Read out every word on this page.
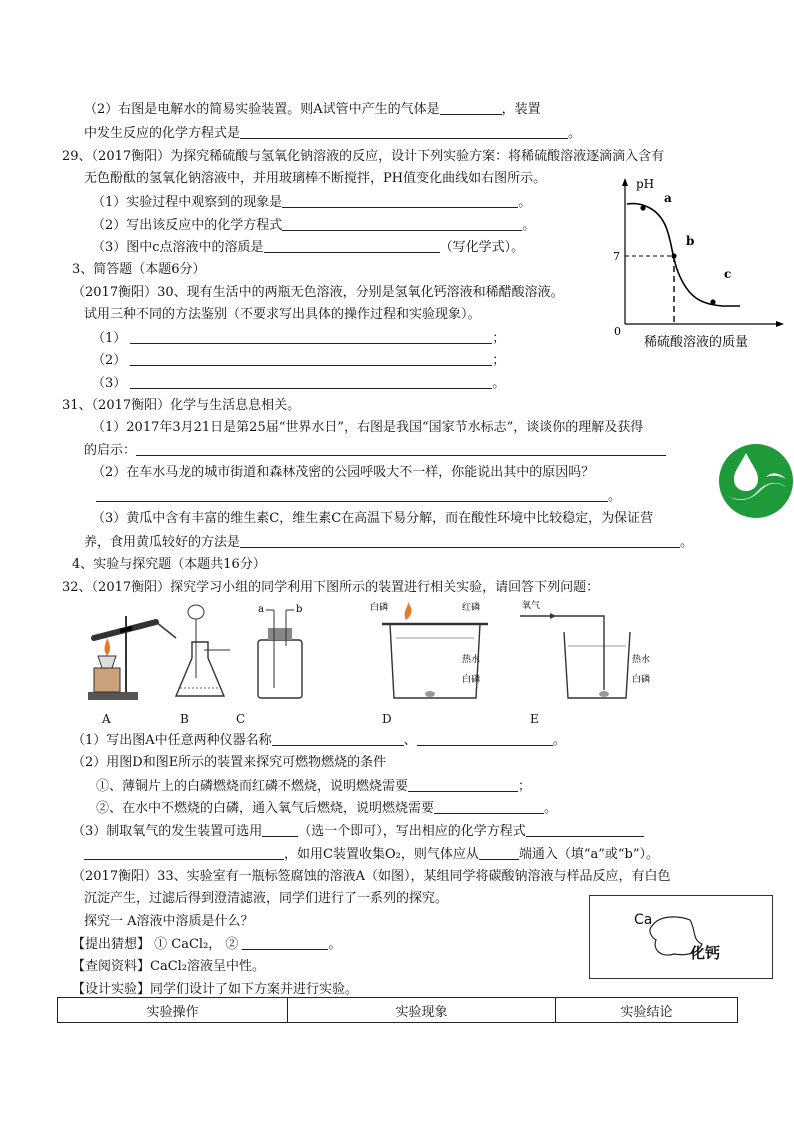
（2）右图是电解水的简易实验装置。则A试管中产生的气体是	，装置
中发生反应的化学方程式是	。
29、（2017衡阳）为探究稀硫酸与氢氧化钠溶液的反应，设计下列实验方案：将稀硫酸溶液逐滴滴入含有
无色酚酞的氢氧化钠溶液中，并用玻璃棒不断搅拌，PH值变化曲线如右图所示。
（1）实验过程中观察到的现象是	。
（2）写出该反应中的化学方程式	。
（3）图中c点溶液中的溶质是	（写化学式）。
pH
7
0
a
b
c
稀硫酸溶液的质量
3、简答题（本题6分）
（2017衡阳）30、现有生活中的两瓶无色溶液，分别是氢氧化钙溶液和稀醋酸溶液。
试用三种不同的方法鉴别（不要求写出具体的操作过程和实验现象）。
（1）	；
（2）	；
（3）	。
31、（2017衡阳）化学与生活息息相关。
（1）2017年3月21日是第25届“世界水日”，右图是我国“国家节水标志”，谈谈你的理解及获得
的启示：
（2）在车水马龙的城市街道和森林茂密的公园呼吸大不一样，你能说出其中的原因吗？
。
（3）黄瓜中含有丰富的维生素C，维生素C在高温下易分解，而在酸性环境中比较稳定，为保证营
养，食用黄瓜较好的方法是	。
4、实验与探究题（本题共16分）
32、（2017衡阳）探究学习小组的同学利用下图所示的装置进行相关实验，请回答下列问题：
a	b	白磷	红磷
热水
白磷
氧气
热水
白磷
A	B	C	D	E
（1）写出图A中任意两种仪器名称	、	。
（2）用图D和图E所示的装置来探究可燃物燃烧的条件
①、薄铜片上的白磷燃烧而红磷不燃烧，说明燃烧需要	；
②、在水中不燃烧的白磷，通入氧气后燃烧，说明燃烧需要	。
（3）制取氧气的发生装置可选用	（选一个即可），写出相应的化学方程式
，如用C装置收集O₂，则气体应从	端通入（填“a”或“b”）。
（2017衡阳）33、实验室有一瓶标签腐蚀的溶液A（如图），某组同学将碳酸钠溶液与样品反应，有白色
沉淀产生，过滤后得到澄清滤液，同学们进行了一系列的探究。
探究一 A溶液中溶质是什么？
【提出猜想】 ① CaCl₂， ②	。
【查阅资料】CaCl₂溶液呈中性。
【设计实验】同学们设计了如下方案并进行实验。
Ca
化钙
实验操作	实验现象	实验结论
